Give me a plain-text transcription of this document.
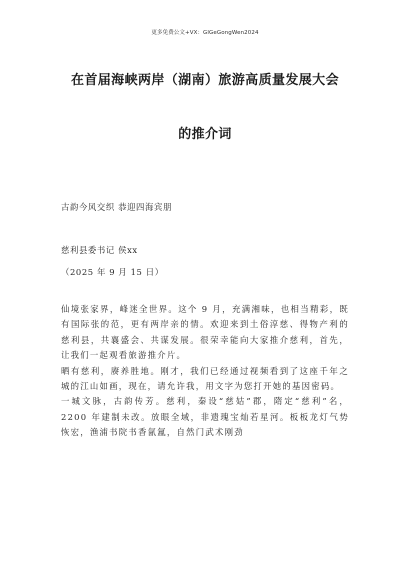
更多免费公文+VX：GlGeGongWen2024
在首届海峡两岸（湖南）旅游高质量发展大会
的推介词
古韵今风交织 恭迎四海宾朋
慈利县委书记 侯xx
（2025 年 9 月 15 日）

仙境张家界，峰迷全世界。这个 9 月，充满湘味，也相当精彩，既有国际张的范，更有两岸亲的情。欢迎来到土俗淳慈、得物产利的慈利县，共襄盛会、共谋发展。很荣幸能向大家推介慈利，首先，让我们一起观看旅游推介片。

晒有慈利，赓养胜地。刚才，我们已经通过视频看到了这座千年之城的江山如画，现在，请允许我，用文字为您打开她的基因密码。

一城文脉，古韵传芳。慈利，秦设“慈姑”郡，隋定“慈利”名，2200 年建制未改。放眼全域，非遗瑰宝灿若星河。板板龙灯气势恢宏，渔浦书院书香氤氲，自然门武术刚劲
